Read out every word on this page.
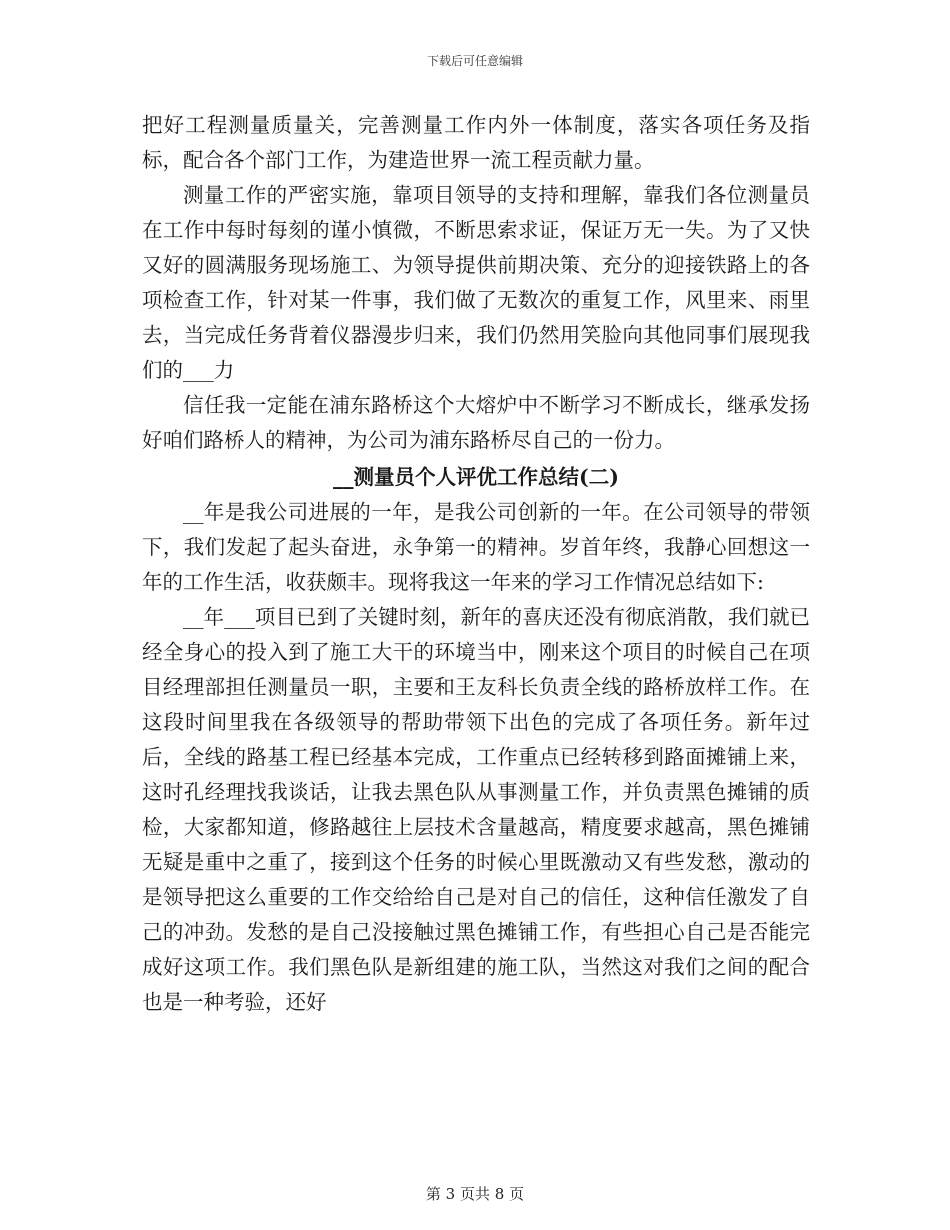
下载后可任意编辑

把好工程测量质量关，完善测量工作内外一体制度，落实各项任务及指标，配合各个部门工作，为建造世界一流工程贡献力量。

测量工作的严密实施，靠项目领导的支持和理解，靠我们各位测量员在工作中每时每刻的谨小慎微，不断思索求证，保证万无一失。为了又快又好的圆满服务现场施工、为领导提供前期决策、充分的迎接铁路上的各项检查工作，针对某一件事，我们做了无数次的重复工作，风里来、雨里去，当完成任务背着仪器漫步归来，我们仍然用笑脸向其他同事们展现我们的___力

信任我一定能在浦东路桥这个大熔炉中不断学习不断成长，继承发扬好咱们路桥人的精神，为公司为浦东路桥尽自己的一份力。

__测量员个人评优工作总结(二)

__年是我公司进展的一年，是我公司创新的一年。在公司领导的带领下，我们发起了起头奋进，永争第一的精神。岁首年终，我静心回想这一年的工作生活，收获颇丰。现将我这一年来的学习工作情况总结如下:

__年___项目已到了关键时刻，新年的喜庆还没有彻底消散，我们就已经全身心的投入到了施工大干的环境当中，刚来这个项目的时候自己在项目经理部担任测量员一职，主要和王友科长负责全线的路桥放样工作。在这段时间里我在各级领导的帮助带领下出色的完成了各项任务。新年过后，全线的路基工程已经基本完成，工作重点已经转移到路面摊铺上来，这时孔经理找我谈话，让我去黑色队从事测量工作，并负责黑色摊铺的质检，大家都知道，修路越往上层技术含量越高，精度要求越高，黑色摊铺无疑是重中之重了，接到这个任务的时候心里既激动又有些发愁，激动的是领导把这么重要的工作交给给自己是对自己的信任，这种信任激发了自己的冲劲。发愁的是自己没接触过黑色摊铺工作，有些担心自己是否能完成好这项工作。我们黑色队是新组建的施工队，当然这对我们之间的配合也是一种考验，还好

第 3 页共 8 页
